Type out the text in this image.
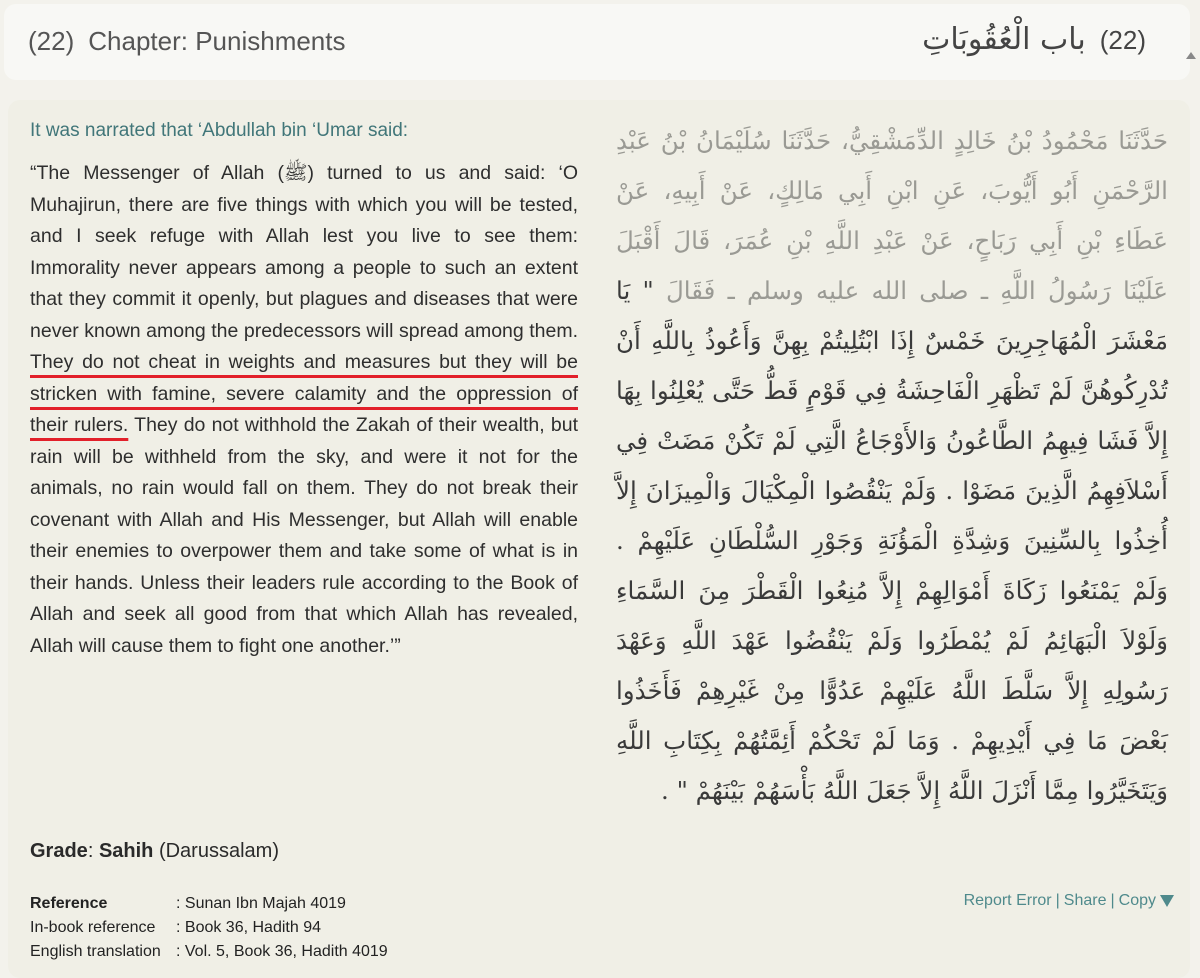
(22) Chapter: Punishments	(22)باب الْعُقُوبَاتِ
It was narrated that ‘Abdullah bin ‘Umar said:
“The Messenger of Allah (ﷺ) turned to us and said: ‘O Muhajirun, there are five things with which you will be tested, and I seek refuge with Allah lest you live to see them: Immorality never appears among a people to such an extent that they commit it openly, but plagues and diseases that were never known among the predecessors will spread among them. They do not cheat in weights and measures but they will be stricken with famine, severe calamity and the oppression of their rulers. They do not withhold the Zakah of their wealth, but rain will be withheld from the sky, and were it not for the animals, no rain would fall on them. They do not break their covenant with Allah and His Messenger, but Allah will enable their enemies to overpower them and take some of what is in their hands. Unless their leaders rule according to the Book of Allah and seek all good from that which Allah has revealed, Allah will cause them to fight one another.’”
حَدَّثَنَا مَحْمُودُ بْنُ خَالِدٍ الدِّمَشْقِيُّ، حَدَّثَنَا سُلَيْمَانُ بْنُ عَبْدِ الرَّحْمَنِ أَبُو أَيُّوبَ، عَنِ ابْنِ أَبِي مَالِكٍ، عَنْ أَبِيهِ، عَنْ عَطَاءِ بْنِ أَبِي رَبَاحٍ، عَنْ عَبْدِ اللَّهِ بْنِ عُمَرَ، قَالَ أَقْبَلَ عَلَيْنَا رَسُولُ اللَّهِ ـ صلى الله عليه وسلم ـ فَقَالَ " يَا مَعْشَرَ الْمُهَاجِرِينَ خَمْسٌ إِذَا ابْتُلِيتُمْ بِهِنَّ وَأَعُوذُ بِاللَّهِ أَنْ تُدْرِكُوهُنَّ لَمْ تَظْهَرِ الْفَاحِشَةُ فِي قَوْمٍ قَطُّ حَتَّى يُعْلِنُوا بِهَا إِلاَّ فَشَا فِيهِمُ الطَّاعُونُ وَالأَوْجَاعُ الَّتِي لَمْ تَكُنْ مَضَتْ فِي أَسْلاَفِهِمُ الَّذِينَ مَضَوْا . وَلَمْ يَنْقُصُوا الْمِكْيَالَ وَالْمِيزَانَ إِلاَّ أُخِذُوا بِالسِّنِينَ وَشِدَّةِ الْمَؤُنَةِ وَجَوْرِ السُّلْطَانِ عَلَيْهِمْ . وَلَمْ يَمْنَعُوا زَكَاةَ أَمْوَالِهِمْ إِلاَّ مُنِعُوا الْقَطْرَ مِنَ السَّمَاءِ وَلَوْلاَ الْبَهَائِمُ لَمْ يُمْطَرُوا وَلَمْ يَنْقُضُوا عَهْدَ اللَّهِ وَعَهْدَ رَسُولِهِ إِلاَّ سَلَّطَ اللَّهُ عَلَيْهِمْ عَدُوًّا مِنْ غَيْرِهِمْ فَأَخَذُوا بَعْضَ مَا فِي أَيْدِيهِمْ . وَمَا لَمْ تَحْكُمْ أَئِمَّتُهُمْ بِكِتَابِ اللَّهِ وَيَتَخَيَّرُوا مِمَّا أَنْزَلَ اللَّهُ إِلاَّ جَعَلَ اللَّهُ بَأْسَهُمْ بَيْنَهُمْ " .
Grade: Sahih (Darussalam)
Reference	: Sunan Ibn Majah 4019
In-book reference	: Book 36, Hadith 94
English translation : Vol. 5, Book 36, Hadith 4019
Report Error | Share | Copy
